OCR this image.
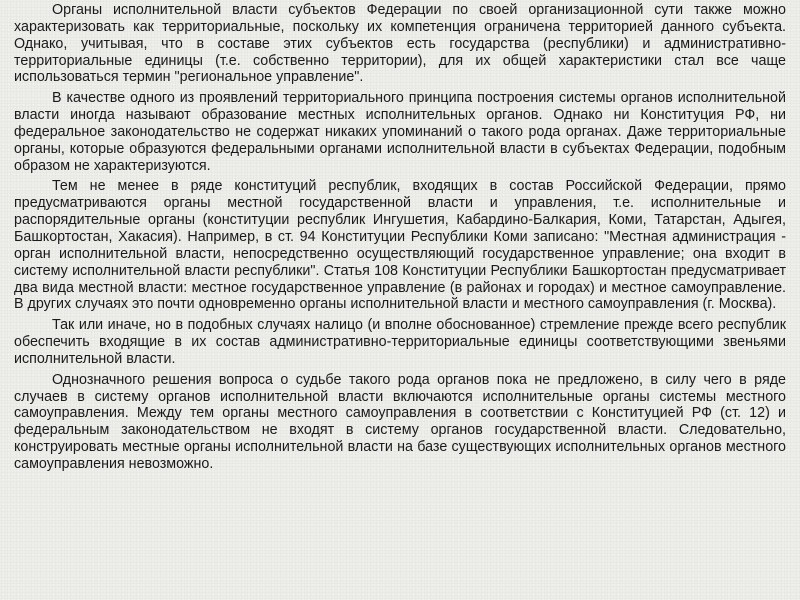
Органы исполнительной власти субъектов Федерации по своей организационной сути также можно характеризовать как территориальные, поскольку их компетенция ограничена территорией данного субъекта. Однако, учитывая, что в составе этих субъектов есть государства (республики) и административно-территориальные единицы (т.е. собственно территории), для их общей характеристики стал все чаще использоваться термин "региональное управление".

В качестве одного из проявлений территориального принципа построения системы органов исполнительной власти иногда называют образование местных исполнительных органов. Однако ни Конституция РФ, ни федеральное законодательство не содержат никаких упоминаний о такого рода органах. Даже территориальные органы, которые образуются федеральными органами исполнительной власти в субъектах Федерации, подобным образом не характеризуются.

Тем не менее в ряде конституций республик, входящих в состав Российской Федерации, прямо предусматриваются органы местной государственной власти и управления, т.е. исполнительные и распорядительные органы (конституции республик Ингушетия, Кабардино-Балкария, Коми, Татарстан, Адыгея, Башкортостан, Хакасия). Например, в ст. 94 Конституции Республики Коми записано: "Местная администрация - орган исполнительной власти, непосредственно осуществляющий государственное управление; она входит в систему исполнительной власти республики". Статья 108 Конституции Республики Башкортостан предусматривает два вида местной власти: местное государственное управление (в районах и городах) и местное самоуправление. В других случаях это почти одновременно органы исполнительной власти и местного самоуправления (г. Москва).

Так или иначе, но в подобных случаях налицо (и вполне обоснованное) стремление прежде всего республик обеспечить входящие в их состав административно-территориальные единицы соответствующими звеньями исполнительной власти.

Однозначного решения вопроса о судьбе такого рода органов пока не предложено, в силу чего в ряде случаев в систему органов исполнительной власти включаются исполнительные органы системы местного самоуправления. Между тем органы местного самоуправления в соответствии с Конституцией РФ (ст. 12) и федеральным законодательством не входят в систему органов государственной власти. Следовательно, конструировать местные органы исполнительной власти на базе существующих исполнительных органов местного самоуправления невозможно.
